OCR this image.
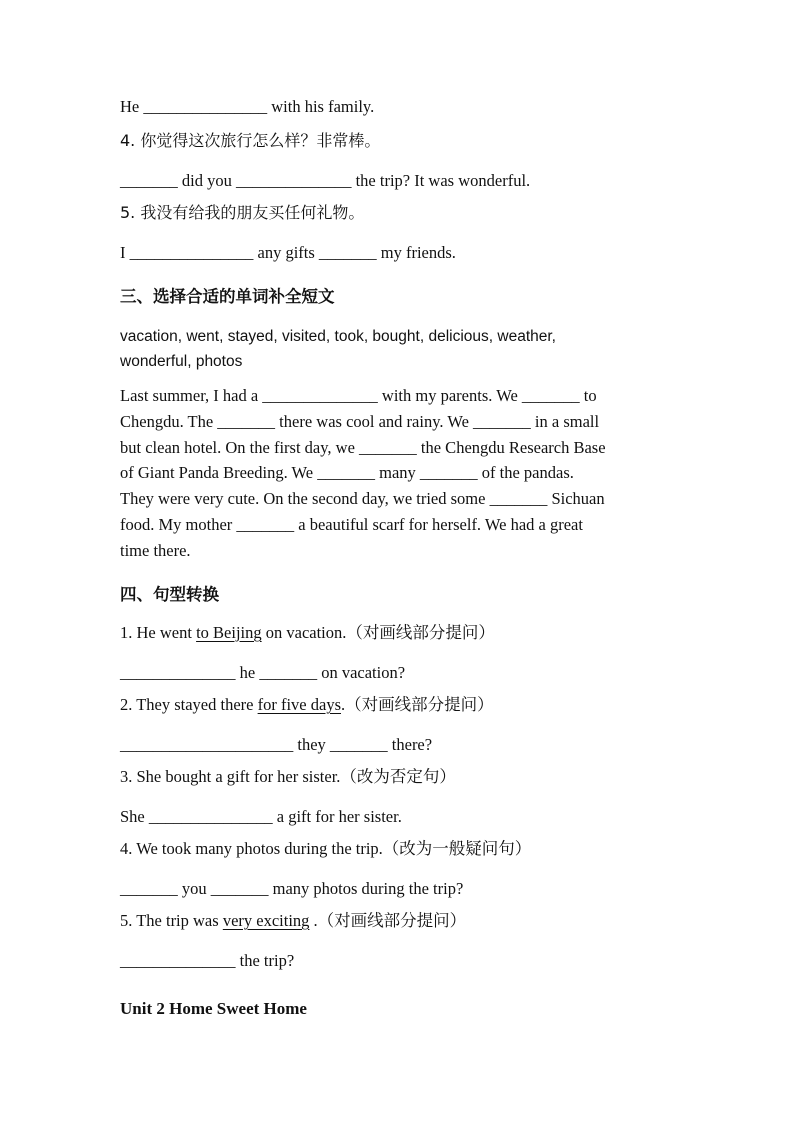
He _______________ with his family.
4. 你觉得这次旅行怎么样？非常棒。
_______ did you ______________ the trip? It was wonderful.
5. 我没有给我的朋友买任何礼物。
I _______________ any gifts _______ my friends.
三、选择合适的单词补全短文
vacation, went, stayed, visited, took, bought, delicious, weather,
wonderful, photos
Last summer, I had a ______________ with my parents. We _______ to
Chengdu. The _______ there was cool and rainy. We _______ in a small
but clean hotel. On the first day, we _______ the Chengdu Research Base
of Giant Panda Breeding. We _______ many _______ of the pandas.
They were very cute. On the second day, we tried some _______ Sichuan
food. My mother _______ a beautiful scarf for herself. We had a great
time there.
四、句型转换
1. He went to Beijing on vacation.（对画线部分提问）
______________ he _______ on vacation?
2. They stayed there for five days.（对画线部分提问）
_____________________ they _______ there?
3. She bought a gift for her sister.（改为否定句）
She _______________ a gift for her sister.
4. We took many photos during the trip.（改为一般疑问句）
_______ you _______ many photos during the trip?
5. The trip was very exciting .（对画线部分提问）
______________ the trip?
Unit 2 Home Sweet Home
